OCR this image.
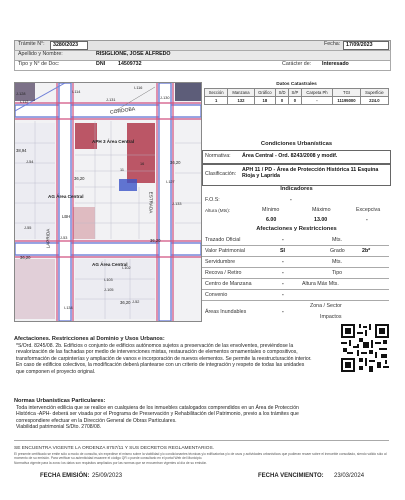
Trámite N°:	3280/2023	Fecha:	17/09/2023
Apellido y Nombre:	RISIGLIONE, JOSE ALFREDO
Tipo y N° de Doc:	DNI 14509732	Carácter de: Interesado
CORDOBA
APH 3 Área Central
AG Área Central
AG Área Central
LBH
38,94
36,20
36,20
36,20
36,20
36,20
J-131	J-130
J-128
J-133
J-105
J-54
J-52
J-53
J-55
I-114
I-116
I-112
I-103
I-102
I-127
I-134
16
11
ESTRADA
LAPRIDA
Datos Catastrales
Sección	Manzana	Gráfico	S/D	S/P	Carpeta Ph	TGI	Superficie
1	132	18	0	0	-	11195000	224.0
Condiciones Urbanísticas
Normativa: Área Central - Ord. 8243/2008 y modif.
Clasificación:
APH 11 / PD - Área de Protección Histórica 11 Esquina Rioja y Laprida
Indicadores
F.O.S:	-
Mínimo	Máximo	Excepciva
Altura (Mts):
6.00	13.00	-
Afectaciones y Restricciones
Trazado Oficial	-	Mts.
Valor Patrimonial	SI	Grado	2b*
Servidumbre	-	Mts.
Recova / Retiro	-	Tipo
Centro de Manzana	-	Altura Máx Mts.
Convenio	-
Áreas Inundables	-
Zona / Sector
Impactos
Afectaciones. Restricciones al Dominio y Usos Urbanos:
*S/Ord. 8245/08. 2b. Edificios o conjunto de edificios autónomos sujetos a preservación de las envolventes, previéndose la
revalorización de las fachadas por medio de intervenciones mixtas, restauración de elementos ornamentales o compositivos,
transformación de carpinterías y ampliación de vanos e incorporación de nuevos elementos. Se permite la reestructuración interior.
En caso de edificios colectivos, la modificación deberá plantearse con un criterio de integración y respeto de todas las unidades
que componen el proyecto original.
Normas Urbanísticas Particulares:
Toda intervención edilicia que se realice en cualquiera de los inmuebles catalogados comprendidos en un Área de Protección
Histórica -APH- deberá ser visada por el Programa de Preservación y Rehabilitación del Patrimonio, previo a los trámites que
correspondiere efectuar en la Dirección General de Obras Particulares.
Viabilidad patrimonial S/Dto. 2708/08.
SE ENCUENTRA VIGENTE LA ORDENZA 8757/11 Y SUS DECRETOS REGLAMENTARIOS.
El presente certificado se emite sólo a modo de consulta, sin expedirse el mismo sobre la viabilidad y/o condicionantes técnicas y/o edificatorias y/o de usos y actividades urbanísticos que pudieran recaer sobre el inmueble consultado, siendo válido sólo al momento de su emisión. Para verificar su autenticidad escanee el código QR o puede consultarlo en el portal Web del Municipio.
Normativa vigente para la zona: los datos son requisitos ampliados por las normas que se encuentran vigentes al día de su emisión.
FECHA EMISIÓN: 25/09/2023	FECHA VENCIMIENTO: 23/03/2024
